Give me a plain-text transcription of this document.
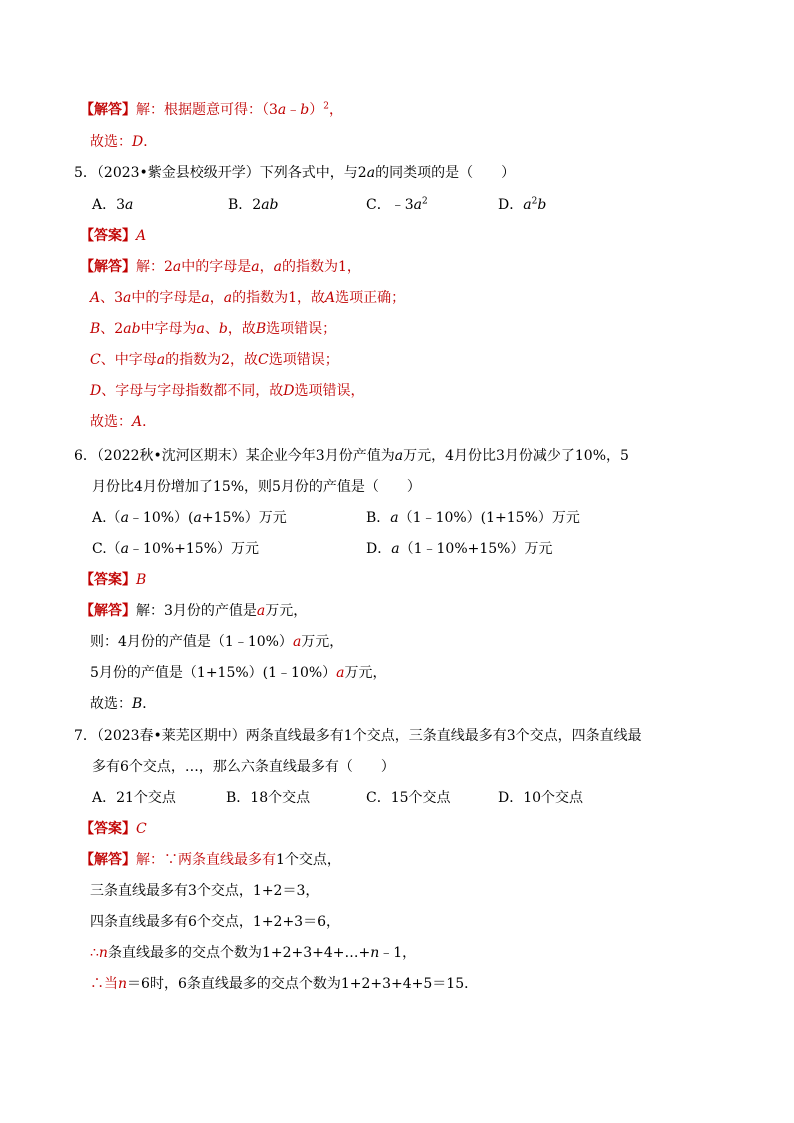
【解答】解：根据题意可得：（3a﹣b）$^2$，
故选：D．
5．（2023•紫金县校级开学）下列各式中，与2a的同类项的是（　　）
A．3a	B．2ab	C．$﹣3a^2$	D．$a^2b$
【答案】A
【解答】解：2a中的字母是a，a的指数为1，
A、3a中的字母是a，a的指数为1，故A选项正确；
B、2ab中字母为a、b，故B选项错误；
C、中字母a的指数为2，故C选项错误；
D、字母与字母指数都不同，故D选项错误，
故选：A．
6．（2022秋•沈河区期末）某企业今年3月份产值为a万元，4月份比3月份减少了10%，5
月份比4月份增加了15%，则5月份的产值是（　　）
A.（a﹣10%）(a+15%）万元	B．a（1﹣10%）(1+15%）万元
C.（a﹣10%+15%）万元	D．a（1﹣10%+15%）万元
【答案】B
【解答】解：3月份的产值是a万元，
则：4月份的产值是（1﹣10%）a万元，
5月份的产值是（1+15%）(1﹣10%）a万元，
故选：B．
7．（2023春•莱芜区期中）两条直线最多有1个交点，三条直线最多有3个交点，四条直线最
多有6个交点，…，那么六条直线最多有（　　）
A．21个交点	B．18个交点	C．15个交点	D．10个交点
【答案】C
【解答】解：∵两条直线最多有1个交点，
三条直线最多有3个交点，1+2＝3，
四条直线最多有6个交点，1+2+3＝6，
∴n条直线最多的交点个数为1+2+3+4+…+n﹣1，
∴当n＝6时，6条直线最多的交点个数为1+2+3+4+5＝15．
